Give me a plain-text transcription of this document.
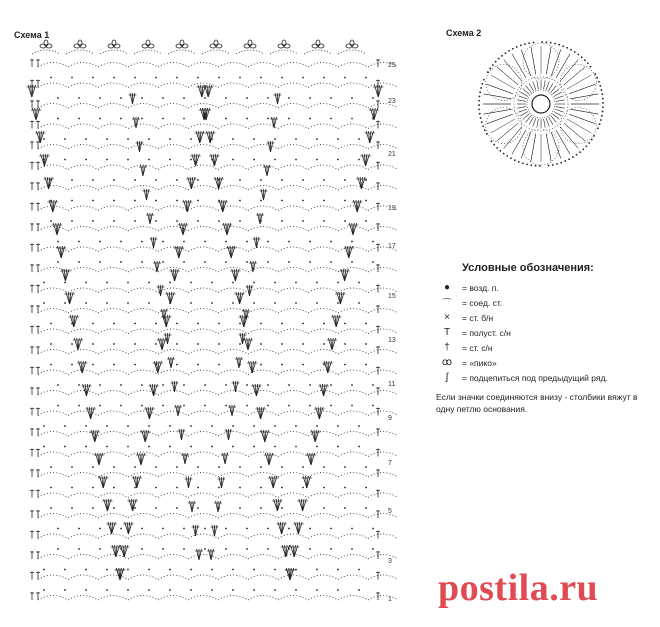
Схема 1	Схема 2
25
23
21
19
17
15
13
11
9
7
5
3
1
Условные обозначения:
●	= возд. п.
⌒	= соед. ст.
×	= ст. б/н
T	= полуст. с/н
†	= ст. с/н
ꝏ	= «пико»
ʃ	= подцепиться под предыдущий ряд.
Если значки соединяются внизу - столбики вяжут в одну петлю основания.
postila.ru
